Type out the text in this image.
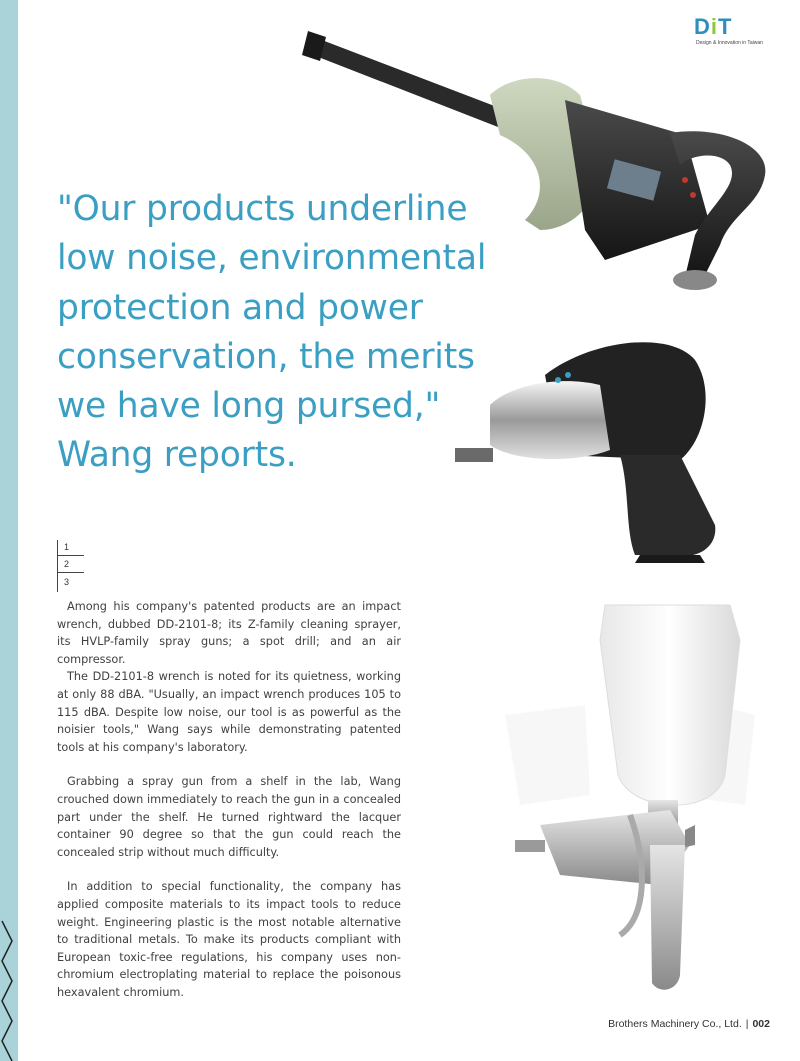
DiT
Design & Innovation in Taiwan
"Our products underline
low noise, environmental
protection and power
conservation, the merits
we have long pursed,"
Wang reports.
1
2
3

Among his company's patented products are an impact wrench, dubbed DD-2101-8; its Z-family cleaning sprayer, its HVLP-family spray guns; a spot drill; and an air compressor.

The DD-2101-8 wrench is noted for its quietness, working at only 88 dBA. "Usually, an impact wrench produces 105 to 115 dBA. Despite low noise, our tool is as powerful as the noisier tools," Wang says while demonstrating patented tools at his company's laboratory.

Grabbing a spray gun from a shelf in the lab, Wang crouched down immediately to reach the gun in a concealed part under the shelf. He turned rightward the lacquer container 90 degree so that the gun could reach the concealed strip without much difficulty.

In addition to special functionality, the company has applied composite materials to its impact tools to reduce weight. Engineering plastic is the most notable alternative to traditional metals. To make its products compliant with European toxic-free regulations, his company uses non-chromium electroplating material to replace the poisonous hexavalent chromium.

Brothers Machinery Co., Ltd. | 002
